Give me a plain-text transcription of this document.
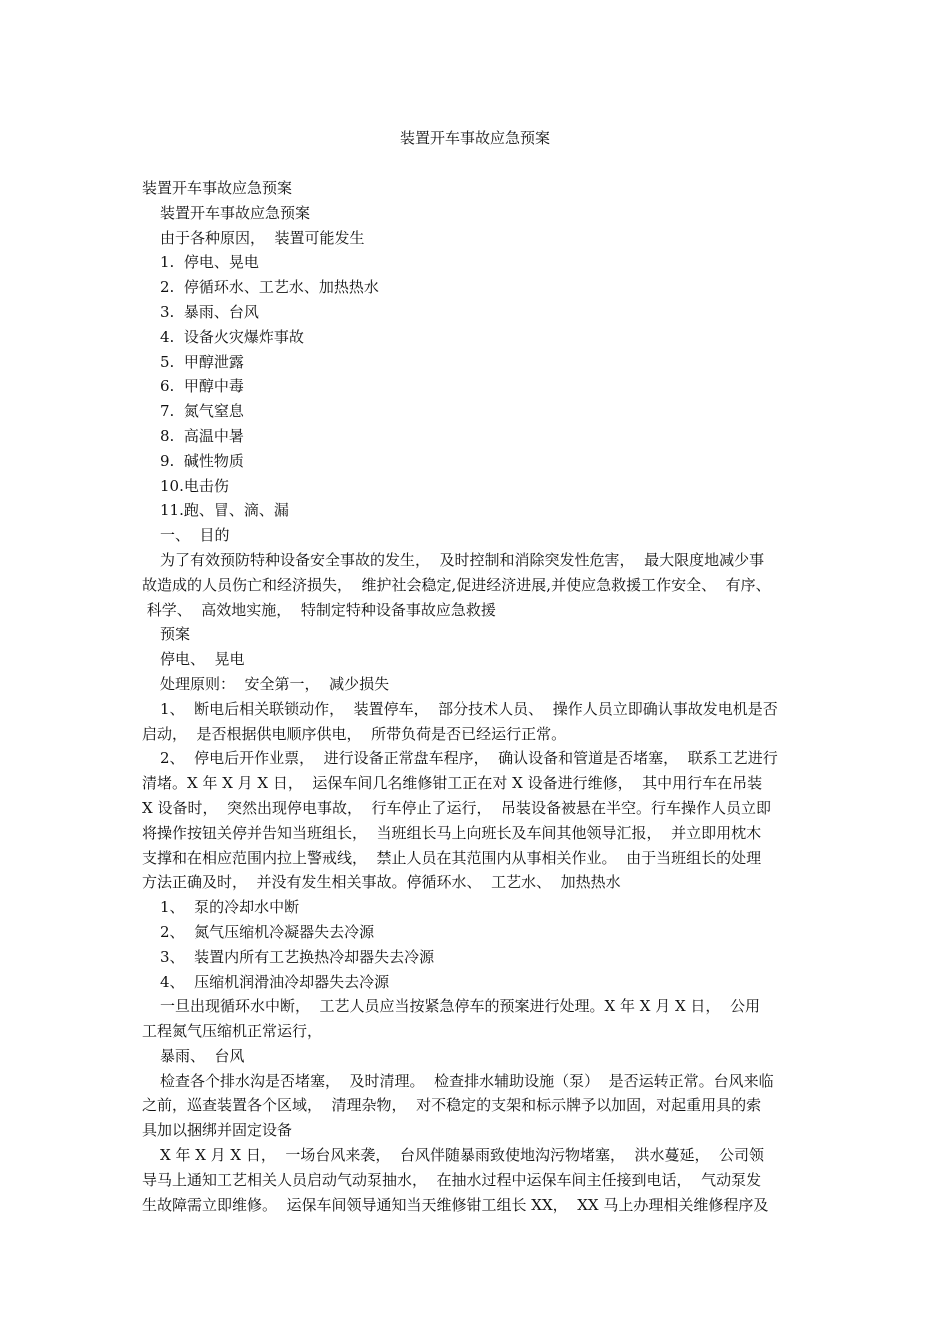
装置开车事故应急预案
装置开车事故应急预案
装置开车事故应急预案
由于各种原因，  装置可能发生
1.  停电、晃电
2.  停循环水、工艺水、加热热水
3.  暴雨、台风
4.  设备火灾爆炸事故
5.  甲醇泄露
6.  甲醇中毒
7.  氮气窒息
8.  高温中暑
9.  碱性物质
10.电击伤
11.跑、冒、滴、漏
一、  目的
为了有效预防特种设备安全事故的发生，  及时控制和消除突发性危害，  最大限度地减少事
故造成的人员伤亡和经济损失，  维护社会稳定,促进经济进展,并使应急救援工作安全、  有序、
科学、  高效地实施，  特制定特种设备事故应急救援
预案
停电、  晃电
处理原则：  安全第一，  减少损失
1、  断电后相关联锁动作，  装置停车，  部分技术人员、  操作人员立即确认事故发电机是否
启动，  是否根据供电顺序供电，  所带负荷是否已经运行正常。
2、  停电后开作业票，  进行设备正常盘车程序，  确认设备和管道是否堵塞，  联系工艺进行
清堵。X 年 X 月 X 日，  运保车间几名维修钳工正在对 X 设备进行维修，  其中用行车在吊装
X 设备时，  突然出现停电事故，  行车停止了运行，  吊装设备被悬在半空。行车操作人员立即
将操作按钮关停并告知当班组长，  当班组长马上向班长及车间其他领导汇报，  并立即用枕木
支撑和在相应范围内拉上警戒线，  禁止人员在其范围内从事相关作业。  由于当班组长的处理
方法正确及时，  并没有发生相关事故。停循环水、  工艺水、  加热热水
1、  泵的冷却水中断
2、  氮气压缩机冷凝器失去冷源
3、  装置内所有工艺换热冷却器失去冷源
4、  压缩机润滑油冷却器失去冷源
一旦出现循环水中断，  工艺人员应当按紧急停车的预案进行处理。X 年 X 月 X 日，  公用
工程氮气压缩机正常运行，
暴雨、  台风
检查各个排水沟是否堵塞，  及时清理。  检查排水辅助设施（泵）  是否运转正常。台风来临
之前，巡查装置各个区域，  清理杂物，  对不稳定的支架和标示牌予以加固，对起重用具的索
具加以捆绑并固定设备
X 年 X 月 X 日，  一场台风来袭，  台风伴随暴雨致使地沟污物堵塞，  洪水蔓延，  公司领
导马上通知工艺相关人员启动气动泵抽水，  在抽水过程中运保车间主任接到电话，  气动泵发
生故障需立即维修。  运保车间领导通知当天维修钳工组长 XX，  XX 马上办理相关维修程序及
